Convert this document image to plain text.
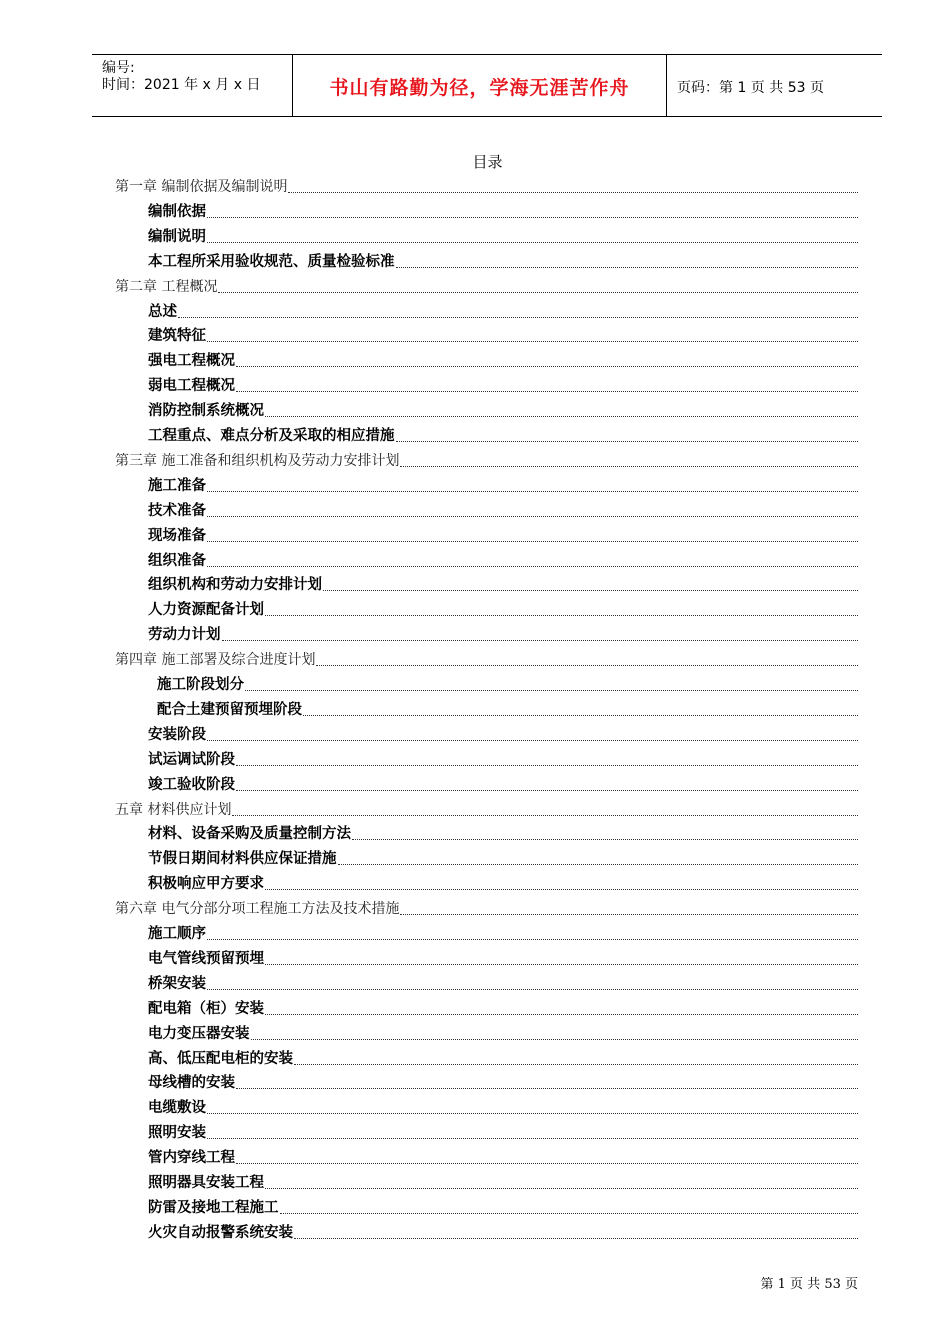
编号:
时间：2021 年 x 月 x 日	书山有路勤为径，学海无涯苦作舟	页码：第 1 页 共 53 页
目录
第一章 编制依据及编制说明
编制依据
编制说明
本工程所采用验收规范、质量检验标准
第二章 工程概况
总述
建筑特征
强电工程概况
弱电工程概况
消防控制系统概况
工程重点、难点分析及采取的相应措施
第三章 施工准备和组织机构及劳动力安排计划
施工准备
技术准备
现场准备
组织准备
组织机构和劳动力安排计划
人力资源配备计划
劳动力计划
第四章 施工部署及综合进度计划
施工阶段划分
配合土建预留预埋阶段
安装阶段
试运调试阶段
竣工验收阶段
五章 材料供应计划
材料、设备采购及质量控制方法
节假日期间材料供应保证措施
积极响应甲方要求
第六章 电气分部分项工程施工方法及技术措施
施工顺序
电气管线预留预埋
桥架安装
配电箱（柜）安装
电力变压器安装
高、低压配电柜的安装
母线槽的安装
电缆敷设
照明安装
管内穿线工程
照明器具安装工程
防雷及接地工程施工
火灾自动报警系统安装
第 1 页 共 53 页
